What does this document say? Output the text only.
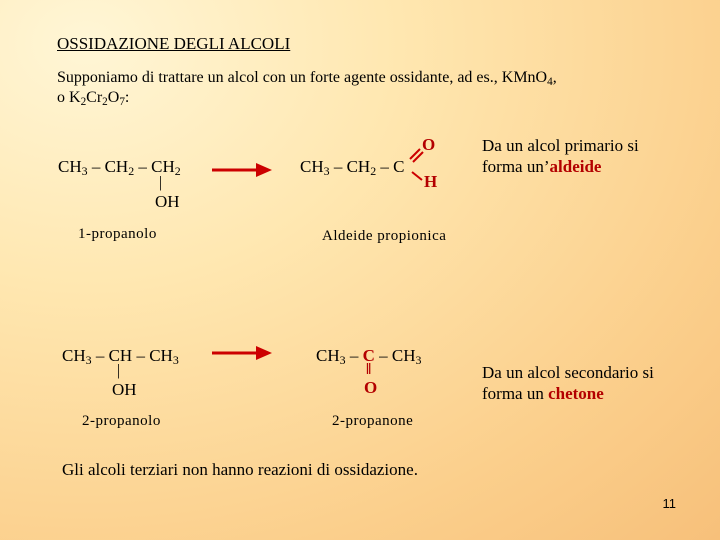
OSSIDAZIONE DEGLI ALCOLI
Supponiamo di trattare un alcol con un forte agente ossidante, ad es., KMnO$_4$,
o $K_2Cr_2O_7$:
$CH_3 - CH_2 - CH_2$
|
OH
1-propanolo
$CH_3 - CH_2$ – C
O
H
Aldeide propionica
Da un alcol primario si
forma un’aldeide
$CH_3$ – CH – $CH_3$
|
OH
2-propanolo
$CH_3$ – C – $CH_3$
‖
O
2-propanone
Da un alcol secondario si
forma un chetone
Gli alcoli terziari non hanno reazioni di ossidazione.
11
